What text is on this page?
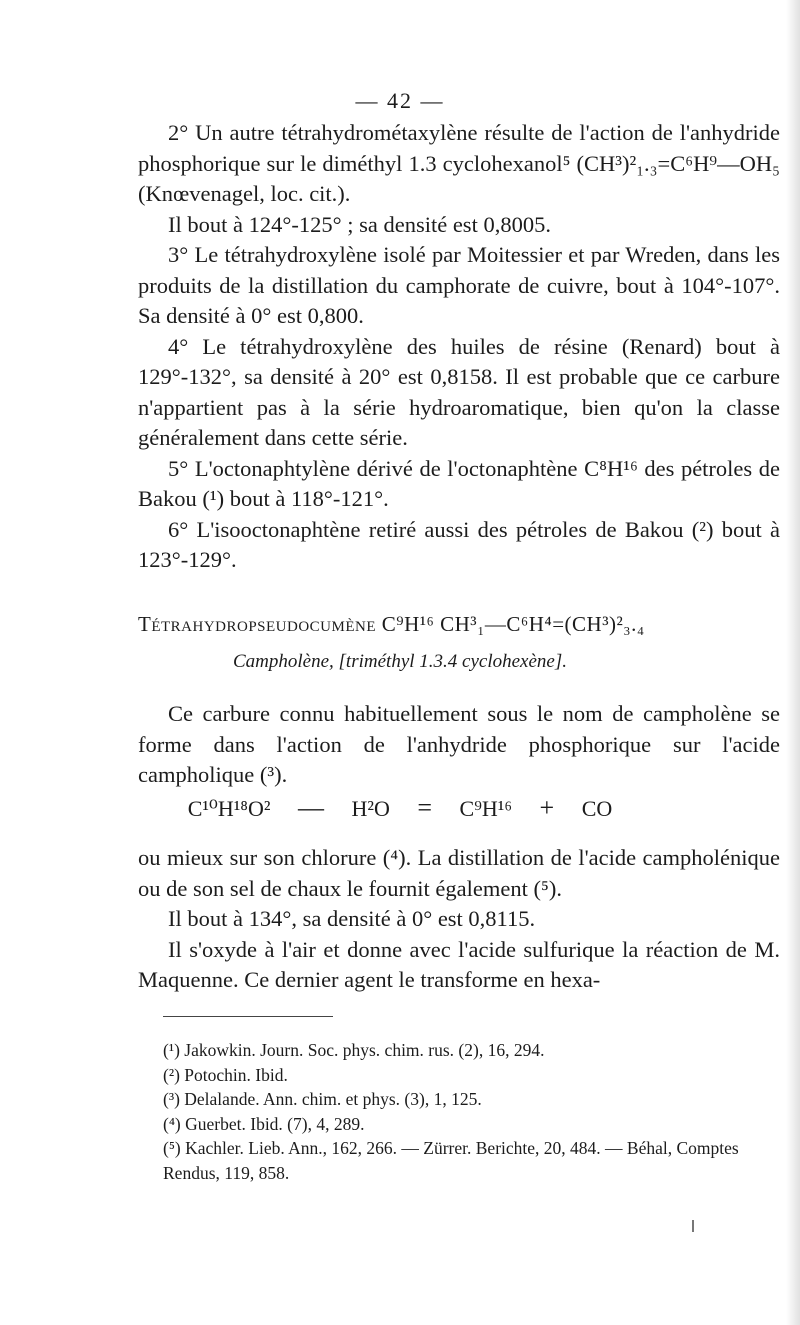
— 42 —

2° Un autre tétrahydrométaxylène résulte de l'action de l'anhydride phosphorique sur le diméthyl 1.3 cyclohexanol⁵ (CH³)²₁.₃=C⁶H⁹—OH₅ (Knœvenagel, loc. cit.).

Il bout à 124°-125° ; sa densité est 0,8005.

3° Le tétrahydroxylène isolé par Moitessier et par Wreden, dans les produits de la distillation du camphorate de cuivre, bout à 104°-107°. Sa densité à 0° est 0,800.

4° Le tétrahydroxylène des huiles de résine (Renard) bout à 129°-132°, sa densité à 20° est 0,8158. Il est probable que ce carbure n'appartient pas à la série hydroaromatique, bien qu'on la classe généralement dans cette série.

5° L'octonaphtylène dérivé de l'octonaphtène C⁸H¹⁶ des pétroles de Bakou (¹) bout à 118°-121°.

6° L'isooctonaphtène retiré aussi des pétroles de Bakou (²) bout à 123°-129°.

Tétrahydropseudocumène C⁹H¹⁶ CH³₁—C⁶H⁴=(CH³)²₃.₄
Campholène, [triméthyl 1.3.4 cyclohexène].

Ce carbure connu habituellement sous le nom de campholène se forme dans l'action de l'anhydride phosphorique sur l'acide campholique (³).

C¹⁰H¹⁸O² — H²O = C⁹H¹⁶ + CO

ou mieux sur son chlorure (⁴). La distillation de l'acide campholénique ou de son sel de chaux le fournit également (⁵).

Il bout à 134°, sa densité à 0° est 0,8115.

Il s'oxyde à l'air et donne avec l'acide sulfurique la réaction de M. Maquenne. Ce dernier agent le transforme en hexa-

(¹) Jakowkin. Journ. Soc. phys. chim. rus. (2), 16, 294.

(²) Potochin. Ibid.

(³) Delalande. Ann. chim. et phys. (3), 1, 125.

(⁴) Guerbet. Ibid. (7), 4, 289.

(⁵) Kachler. Lieb. Ann., 162, 266. — Zürrer. Berichte, 20, 484. — Béhal, Comptes Rendus, 119, 858.
